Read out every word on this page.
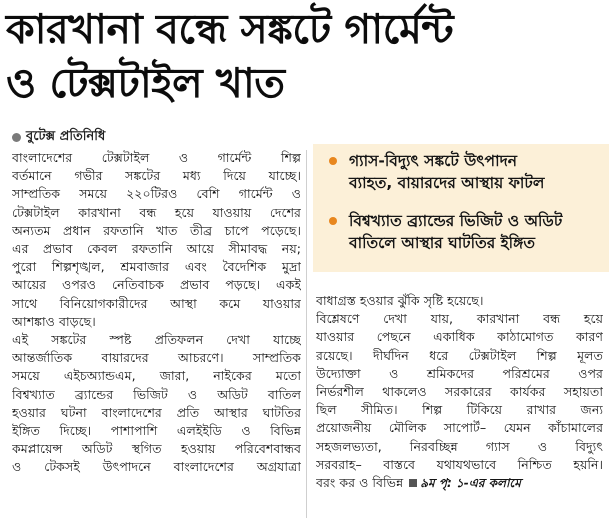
কারখানা বন্ধে সঙ্কটে গার্মেন্ট
ও টেক্সটাইল খাত
বুটেক্স প্রতিনিধি
গ্যাস-বিদ্যুৎ সঙ্কটে উৎপাদন
ব্যাহত, বায়ারদের আস্থায় ফাটল
বিশ্বখ্যাত ব্র্যান্ডের ভিজিট ও অডিট
বাতিলে আস্থার ঘাটতির ইঙ্গিত

বাংলাদেশের টেক্সটাইল ও গার্মেন্ট শিল্প

বর্তমানে গভীর সঙ্কটের মধ্য দিয়ে যাচ্ছে।

সাম্প্রতিক সময়ে ২২০টিরও বেশি গার্মেন্ট ও

টেক্সটাইল কারখানা বন্ধ হয়ে যাওয়ায় দেশের

অন্যতম প্রধান রফতানি খাত তীব্র চাপে পড়েছে।

এর প্রভাব কেবল রফতানি আয়ে সীমাবদ্ধ নয়;

পুরো শিল্পশৃঙ্খল, শ্রমবাজার এবং বৈদেশিক মুদ্রা

আয়ের ওপরও নেতিবাচক প্রভাব পড়ছে। একই

সাথে বিনিয়োগকারীদের আস্থা কমে যাওয়ার

আশঙ্কাও বাড়ছে।

এই সঙ্কটের স্পষ্ট প্রতিফলন দেখা যাচ্ছে

আন্তর্জাতিক বায়ারদের আচরণে। সাম্প্রতিক

সময়ে এইচঅ্যান্ডএম, জারা, নাইকের মতো

বিশ্বখ্যাত ব্র্যান্ডের ভিজিট ও অডিট বাতিল

হওয়ার ঘটনা বাংলাদেশের প্রতি আস্থার ঘাটতির

ইঙ্গিত দিচ্ছে। পাশাপাশি এলইইডি ও বিভিন্ন

কমপ্লায়েন্স অডিট স্থগিত হওয়ায় পরিবেশবান্ধব

ও টেকসই উৎপাদনে বাংলাদেশের অগ্রযাত্রা

বাধাগ্রস্ত হওয়ার ঝুঁকি সৃষ্টি হয়েছে।

বিশ্লেষণে দেখা যায়, কারখানা বন্ধ হয়ে

যাওয়ার পেছনে একাধিক কাঠামোগত কারণ

রয়েছে। দীর্ঘদিন ধরে টেক্সটাইল শিল্প মূলত

উদ্যোক্তা ও শ্রমিকদের পরিশ্রমের ওপর

নির্ভরশীল থাকলেও সরকারের কার্যকর সহায়তা

ছিল সীমিত। শিল্প টিকিয়ে রাখার জন্য

প্রয়োজনীয় মৌলিক সাপোর্ট– যেমন কাঁচামালের

সহজলভ্যতা, নিরবচ্ছিন্ন গ্যাস ও বিদ্যুৎ

সরবরাহ– বাস্তবে যথাযথভাবে নিশ্চিত হয়নি।

বরং কর ও বিভিন্ন ৯ম পৃ: ১-এর কলামে
